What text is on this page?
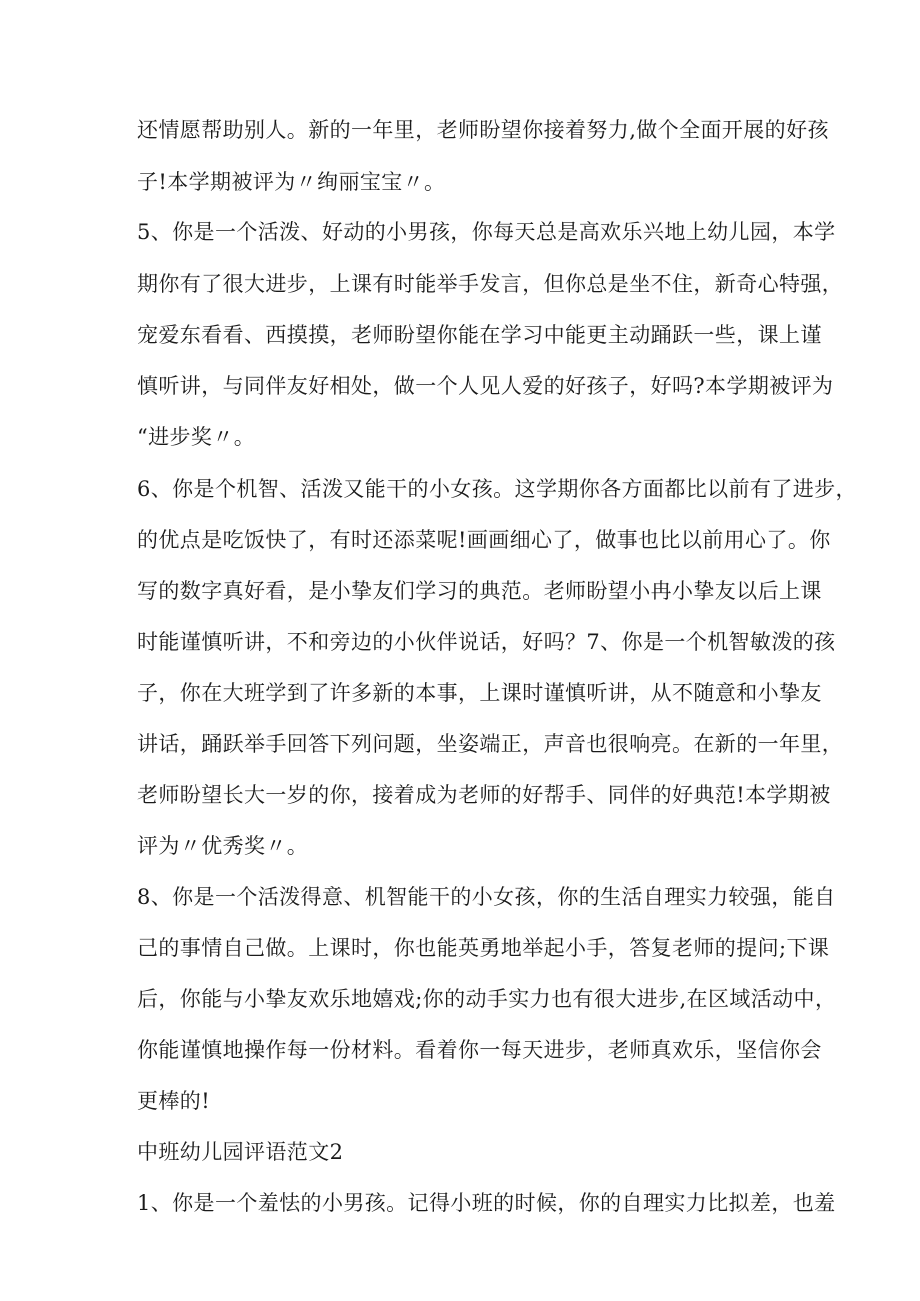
还情愿帮助别人。新的一年里，老师盼望你接着努力,做个全面开展的好孩
子!本学期被评为〃绚丽宝宝〃。
5、你是一个活泼、好动的小男孩，你每天总是高欢乐兴地上幼儿园，本学
期你有了很大进步，上课有时能举手发言，但你总是坐不住，新奇心特强，
宠爱东看看、西摸摸，老师盼望你能在学习中能更主动踊跃一些，课上谨
慎听讲，与同伴友好相处，做一个人见人爱的好孩子，好吗?本学期被评为
“进步奖〃。
6、你是个机智、活泼又能干的小女孩。这学期你各方面都比以前有了进步，
的优点是吃饭快了，有时还添菜呢!画画细心了，做事也比以前用心了。你
写的数字真好看，是小挚友们学习的典范。老师盼望小冉小挚友以后上课
时能谨慎听讲，不和旁边的小伙伴说话，好吗？7、你是一个机智敏泼的孩
子，你在大班学到了许多新的本事，上课时谨慎听讲，从不随意和小挚友
讲话，踊跃举手回答下列问题，坐姿端正，声音也很响亮。在新的一年里，
老师盼望长大一岁的你，接着成为老师的好帮手、同伴的好典范!本学期被
评为〃优秀奖〃。
8、你是一个活泼得意、机智能干的小女孩，你的生活自理实力较强，能自
己的事情自己做。上课时，你也能英勇地举起小手，答复老师的提问;下课
后，你能与小挚友欢乐地嬉戏;你的动手实力也有很大进步,在区域活动中，
你能谨慎地操作每一份材料。看着你一每天进步，老师真欢乐，坚信你会
更棒的!
中班幼儿园评语范文2
1、你是一个羞怯的小男孩。记得小班的时候，你的自理实力比拟差，也羞
